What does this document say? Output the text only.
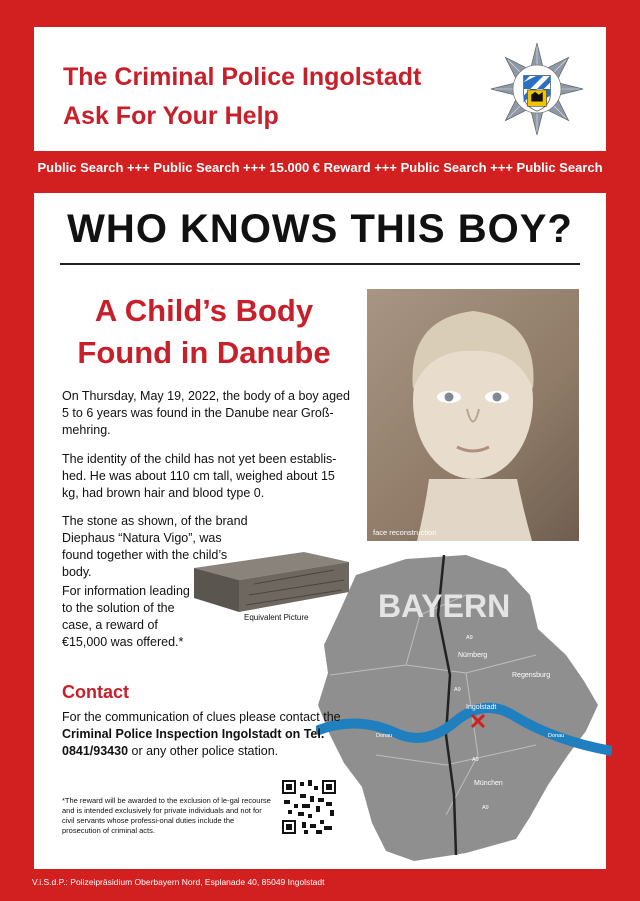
The Criminal Police Ingolstadt
Ask For Your Help
Public Search +++ Public Search +++ 15.000 € Reward +++ Public Search +++ Public Search
WHO KNOWS THIS BOY?
A Child’s Body
Found in Danube

On Thursday, May 19, 2022, the body of a boy aged 5 to 6 years was found in the Danube near Groß-mehring.

The identity of the child has not yet been establis-hed. He was about 110 cm tall, weighed about 15 kg, had brown hair and blood type 0.

The stone as shown, of the brand Diephaus “Natura Vigo”, was found together with the child’s body.

For information leading to the solution of the case, a reward of €15,000 was offered.*

face reconstruction
Equivalent Picture BAYERN
Nürnberg
Regensburg
Ingolstadt
München
A9
A9
A9
A9
Donau	Donau
Contact

For the communication of clues please contact the Criminal Police Inspection Ingolstadt on Tel. 0841/93430 or any other police station.

*The reward will be awarded to the exclusion of le-gal recourse and is intended exclusively for private individuals and not for civil servants whose professi-onal duties include the prosecution of criminal acts.

V.i.S.d.P.: Polizeipräsidium Oberbayern Nord, Esplanade 40, 85049 Ingolstadt
